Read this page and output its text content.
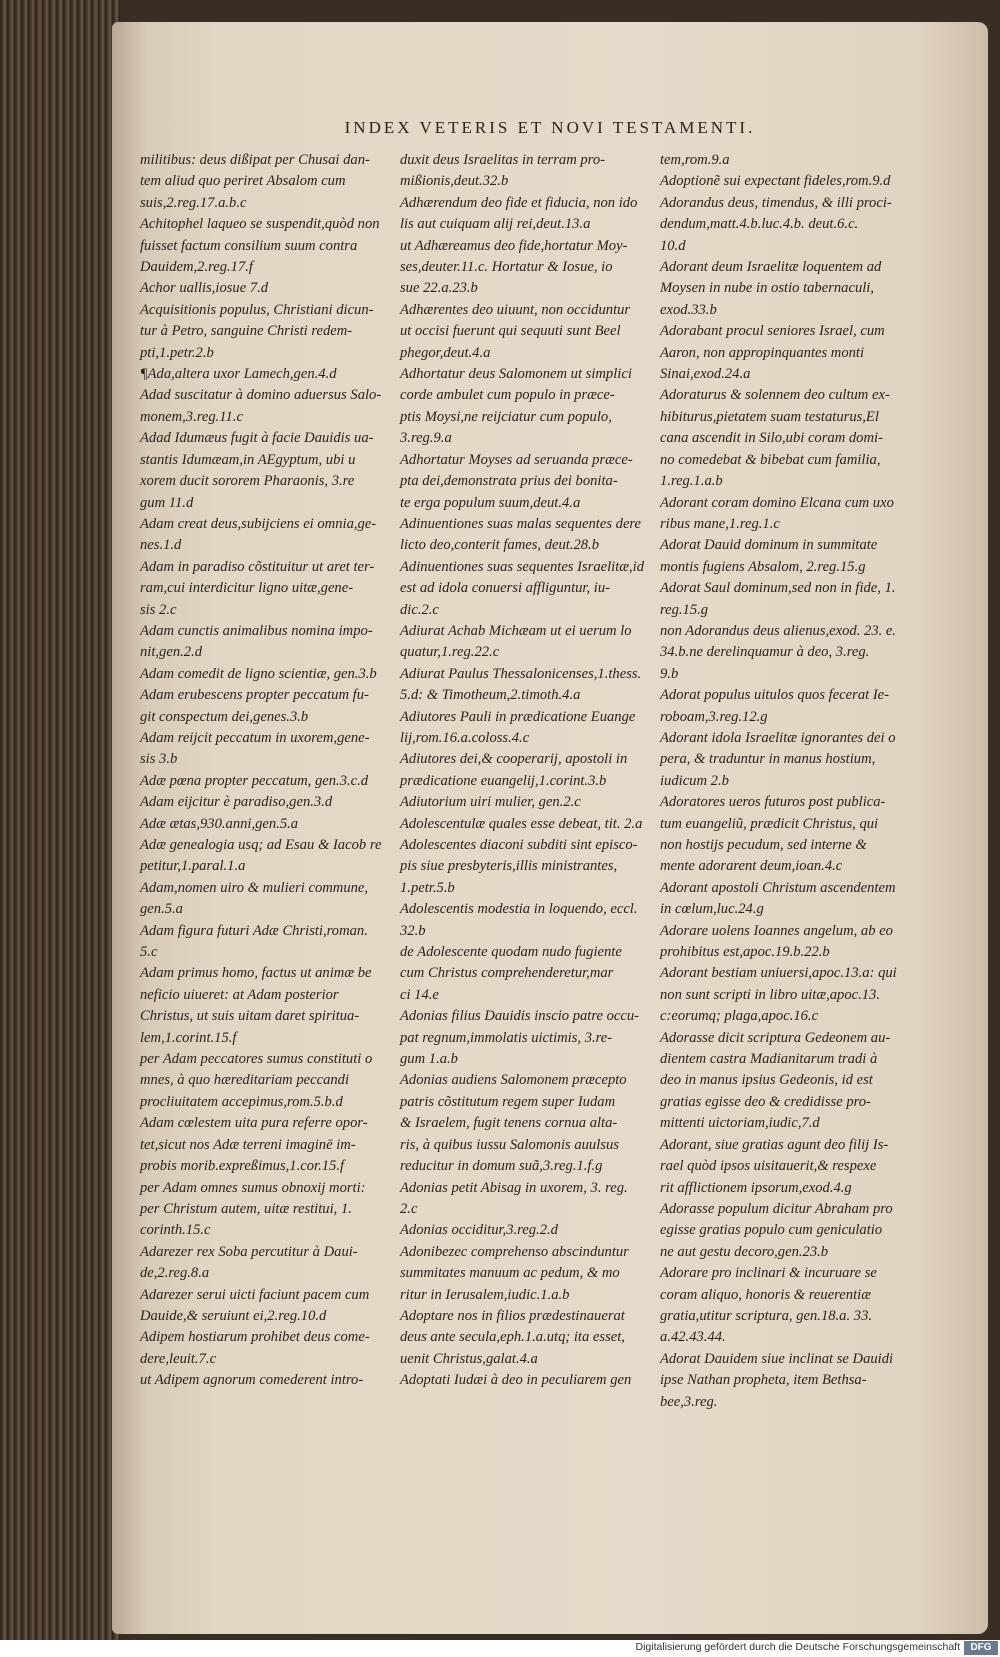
INDEX VETERIS ET NOVI TESTAMENTI.
militibus: deus dißipat per Chusai dan-
tem aliud quo periret Absalom cum
suis,2.reg.17.a.b.c
Achitophel laqueo se suspendit,quòd non
fuisset factum consilium suum contra
Dauidem,2.reg.17.f
Achor uallis,iosue 7.d
Acquisitionis populus, Christiani dicun-
tur à Petro, sanguine Christi redem-
pti,1.petr.2.b
¶Ada,altera uxor Lamech,gen.4.d
Adad suscitatur à domino aduersus Salo-
monem,3.reg.11.c
Adad Idumæus fugit à facie Dauidis ua-
stantis Idumæam,in AEgyptum, ubi u
xorem ducit sororem Pharaonis, 3.re
gum 11.d
Adam creat deus,subijciens ei omnia,ge-
nes.1.d
Adam in paradiso cõstituitur ut aret ter-
ram,cui interdicitur ligno uitæ,gene-
sis 2.c
Adam cunctis animalibus nomina impo-
nit,gen.2.d
Adam comedit de ligno scientiæ, gen.3.b
Adam erubescens propter peccatum fu-
git conspectum dei,genes.3.b
Adam reijcit peccatum in uxorem,gene-
sis 3.b
Adæ pœna propter peccatum, gen.3.c.d
Adam eijcitur è paradiso,gen.3.d
Adæ ætas,930.anni,gen.5.a
Adæ genealogia usq; ad Esau & Iacob re
petitur,1.paral.1.a
Adam,nomen uiro & mulieri commune,
gen.5.a
Adam figura futuri Adæ Christi,roman.
5.c
Adam primus homo, factus ut animæ be
neficio uiueret: at Adam posterior
Christus, ut suis uitam daret spiritua-
lem,1.corint.15.f
per Adam peccatores sumus constituti o
mnes, à quo hæreditariam peccandi
procliuitatem accepimus,rom.5.b.d
Adam cœlestem uita pura referre opor-
tet,sicut nos Adæ terreni imaginē im-
probis morib.expreßimus,1.cor.15.f
per Adam omnes sumus obnoxij morti:
per Christum autem, uitæ restitui, 1.
corinth.15.c
Adarezer rex Soba percutitur à Daui-
de,2.reg.8.a
Adarezer serui uicti faciunt pacem cum
Dauide,& seruiunt ei,2.reg.10.d
Adipem hostiarum prohibet deus come-
dere,leuit.7.c
ut Adipem agnorum comederent intro-
duxit deus Israelitas in terram pro-
mißionis,deut.32.b
Adhærendum deo fide et fiducia, non ido
lis aut cuiquam alij rei,deut.13.a
ut Adhæreamus deo fide,hortatur Moy-
ses,deuter.11.c. Hortatur & Iosue, io
sue 22.a.23.b
Adhærentes deo uiuunt, non occiduntur
ut occisi fuerunt qui sequuti sunt Beel
phegor,deut.4.a
Adhortatur deus Salomonem ut simplici
corde ambulet cum populo in præce-
ptis Moysi,ne reijciatur cum populo,
3.reg.9.a
Adhortatur Moyses ad seruanda præce-
pta dei,demonstrata prius dei bonita-
te erga populum suum,deut.4.a
Adinuentiones suas malas sequentes dere
licto deo,conterit fames, deut.28.b
Adinuentiones suas sequentes Israelitæ,id
est ad idola conuersi affliguntur, iu-
dic.2.c
Adiurat Achab Michæam ut ei uerum lo
quatur,1.reg.22.c
Adiurat Paulus Thessalonicenses,1.thess.
5.d: & Timotheum,2.timoth.4.a
Adiutores Pauli in prædicatione Euange
lij,rom.16.a.coloss.4.c
Adiutores dei,& cooperarij, apostoli in
prædicatione euangelij,1.corint.3.b
Adiutorium uiri mulier, gen.2.c
Adolescentulæ quales esse debeat, tit. 2.a
Adolescentes diaconi subditi sint episco-
pis siue presbyteris,illis ministrantes,
1.petr.5.b
Adolescentis modestia in loquendo, eccl.
32.b
de Adolescente quodam nudo fugiente
cum Christus comprehenderetur,mar
ci 14.e
Adonias filius Dauidis inscio patre occu-
pat regnum,immolatis uictimis, 3.re-
gum 1.a.b
Adonias audiens Salomonem præcepto
patris cõstitutum regem super Iudam
& Israelem, fugit tenens cornua alta-
ris, à quibus iussu Salomonis auulsus
reducitur in domum suã,3.reg.1.f.g
Adonias petit Abisag in uxorem, 3. reg.
2.c
Adonias occiditur,3.reg.2.d
Adonibezec comprehenso abscinduntur
summitates manuum ac pedum, & mo
ritur in Ierusalem,iudic.1.a.b
Adoptare nos in filios prædestinauerat
deus ante secula,eph.1.a.utq; ita esset,
uenit Christus,galat.4.a
Adoptati Iudæi à deo in peculiarem gen
tem,rom.9.a
Adoptionẽ sui expectant fideles,rom.9.d
Adorandus deus, timendus, & illi proci-
dendum,matt.4.b.luc.4.b. deut.6.c.
10.d
Adorant deum Israelitæ loquentem ad
Moysen in nube in ostio tabernaculi,
exod.33.b
Adorabant procul seniores Israel, cum
Aaron, non appropinquantes monti
Sinai,exod.24.a
Adoraturus & solennem deo cultum ex-
hibiturus,pietatem suam testaturus,El
cana ascendit in Silo,ubi coram domi-
no comedebat & bibebat cum familia,
1.reg.1.a.b
Adorant coram domino Elcana cum uxo
ribus mane,1.reg.1.c
Adorat Dauid dominum in summitate
montis fugiens Absalom, 2.reg.15.g
Adorat Saul dominum,sed non in fide, 1.
reg.15.g
non Adorandus deus alienus,exod. 23. e.
34.b.ne derelinquamur à deo, 3.reg.
9.b
Adorat populus uitulos quos fecerat Ie-
roboam,3.reg.12.g
Adorant idola Israelitæ ignorantes dei o
pera, & traduntur in manus hostium,
iudicum 2.b
Adoratores ueros futuros post publica-
tum euangeliũ, prædicit Christus, qui
non hostijs pecudum, sed interne &
mente adorarent deum,ioan.4.c
Adorant apostoli Christum ascendentem
in cœlum,luc.24.g
Adorare uolens Ioannes angelum, ab eo
prohibitus est,apoc.19.b.22.b
Adorant bestiam uniuersi,apoc.13.a: qui
non sunt scripti in libro uitæ,apoc.13.
c:eorumq; plaga,apoc.16.c
Adorasse dicit scriptura Gedeonem au-
dientem castra Madianitarum tradi à
deo in manus ipsius Gedeonis, id est
gratias egisse deo & credidisse pro-
mittenti uictoriam,iudic,7.d
Adorant, siue gratias agunt deo filij Is-
rael quòd ipsos uisitauerit,& respexe
rit afflictionem ipsorum,exod.4.g
Adorasse populum dicitur Abraham pro
egisse gratias populo cum geniculatio
ne aut gestu decoro,gen.23.b
Adorare pro inclinari & incuruare se
coram aliquo, honoris & reuerentiæ
gratia,utitur scriptura, gen.18.a. 33.
a.42.43.44.
Adorat Dauidem siue inclinat se Dauidi
ipse Nathan propheta, item Bethsa-
bee,3.reg.
Digitalisierung gefördert durch die Deutsche Forschungsgemeinschaft	DFG
